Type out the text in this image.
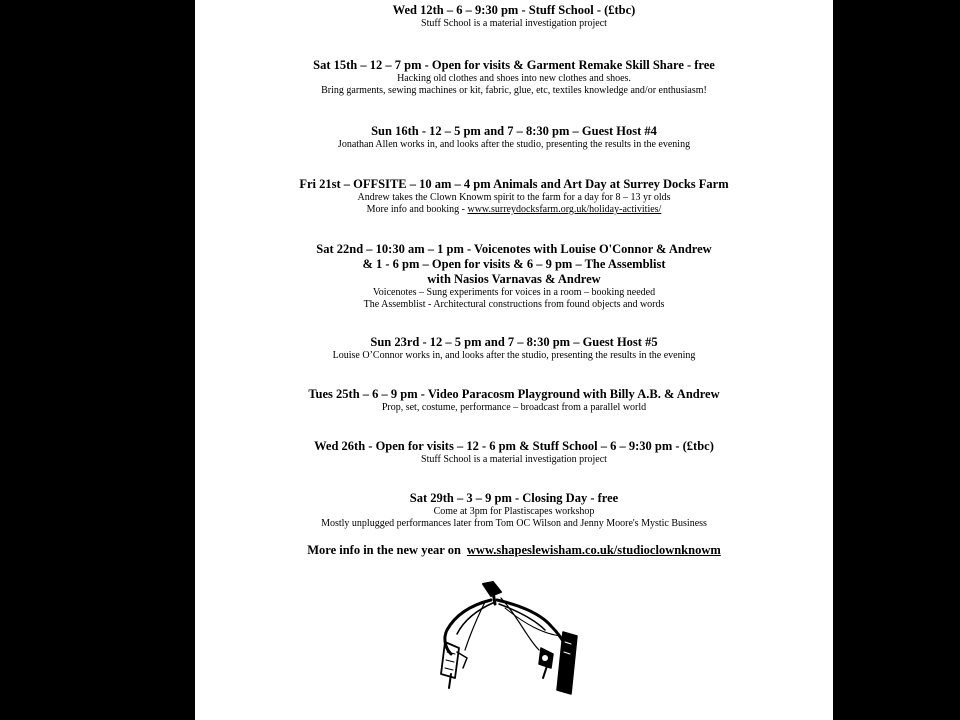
Wed 12th – 6 – 9:30 pm - Stuff School - (£tbc)
Stuff School is a material investigation project
Sat 15th – 12 – 7 pm - Open for visits & Garment Remake Skill Share - free
Hacking old clothes and shoes into new clothes and shoes.
Bring garments, sewing machines or kit, fabric, glue, etc, textiles knowledge and/or enthusiasm!
Sun 16th - 12 – 5 pm and 7 – 8:30 pm – Guest Host #4
Jonathan Allen works in, and looks after the studio, presenting the results in the evening
Fri 21st – OFFSITE – 10 am – 4 pm Animals and Art Day at Surrey Docks Farm
Andrew takes the Clown Knowm spirit to the farm for a day for 8 – 13 yr olds
More info and booking - www.surreydocksfarm.org.uk/holiday-activities/
Sat 22nd – 10:30 am – 1 pm - Voicenotes with Louise O'Connor & Andrew
& 1 - 6 pm – Open for visits & 6 – 9 pm – The Assemblist
with Nasios Varnavas & Andrew
Voicenotes – Sung experiments for voices in a room – booking needed
The Assemblist - Architectural constructions from found objects and words
Sun 23rd - 12 – 5 pm and 7 – 8:30 pm – Guest Host #5
Louise O’Connor works in, and looks after the studio, presenting the results in the evening
Tues 25th – 6 – 9 pm - Video Paracosm Playground with Billy A.B. & Andrew
Prop, set, costume, performance – broadcast from a parallel world
Wed 26th - Open for visits – 12 - 6 pm & Stuff School – 6 – 9:30 pm - (£tbc)
Stuff School is a material investigation project
Sat 29th – 3 – 9 pm - Closing Day - free
Come at 3pm for Plastiscapes workshop
Mostly unplugged performances later from Tom OC Wilson and Jenny Moore's Mystic Business
More info in the new year on www.shapeslewisham.co.uk/studioclownknowm
